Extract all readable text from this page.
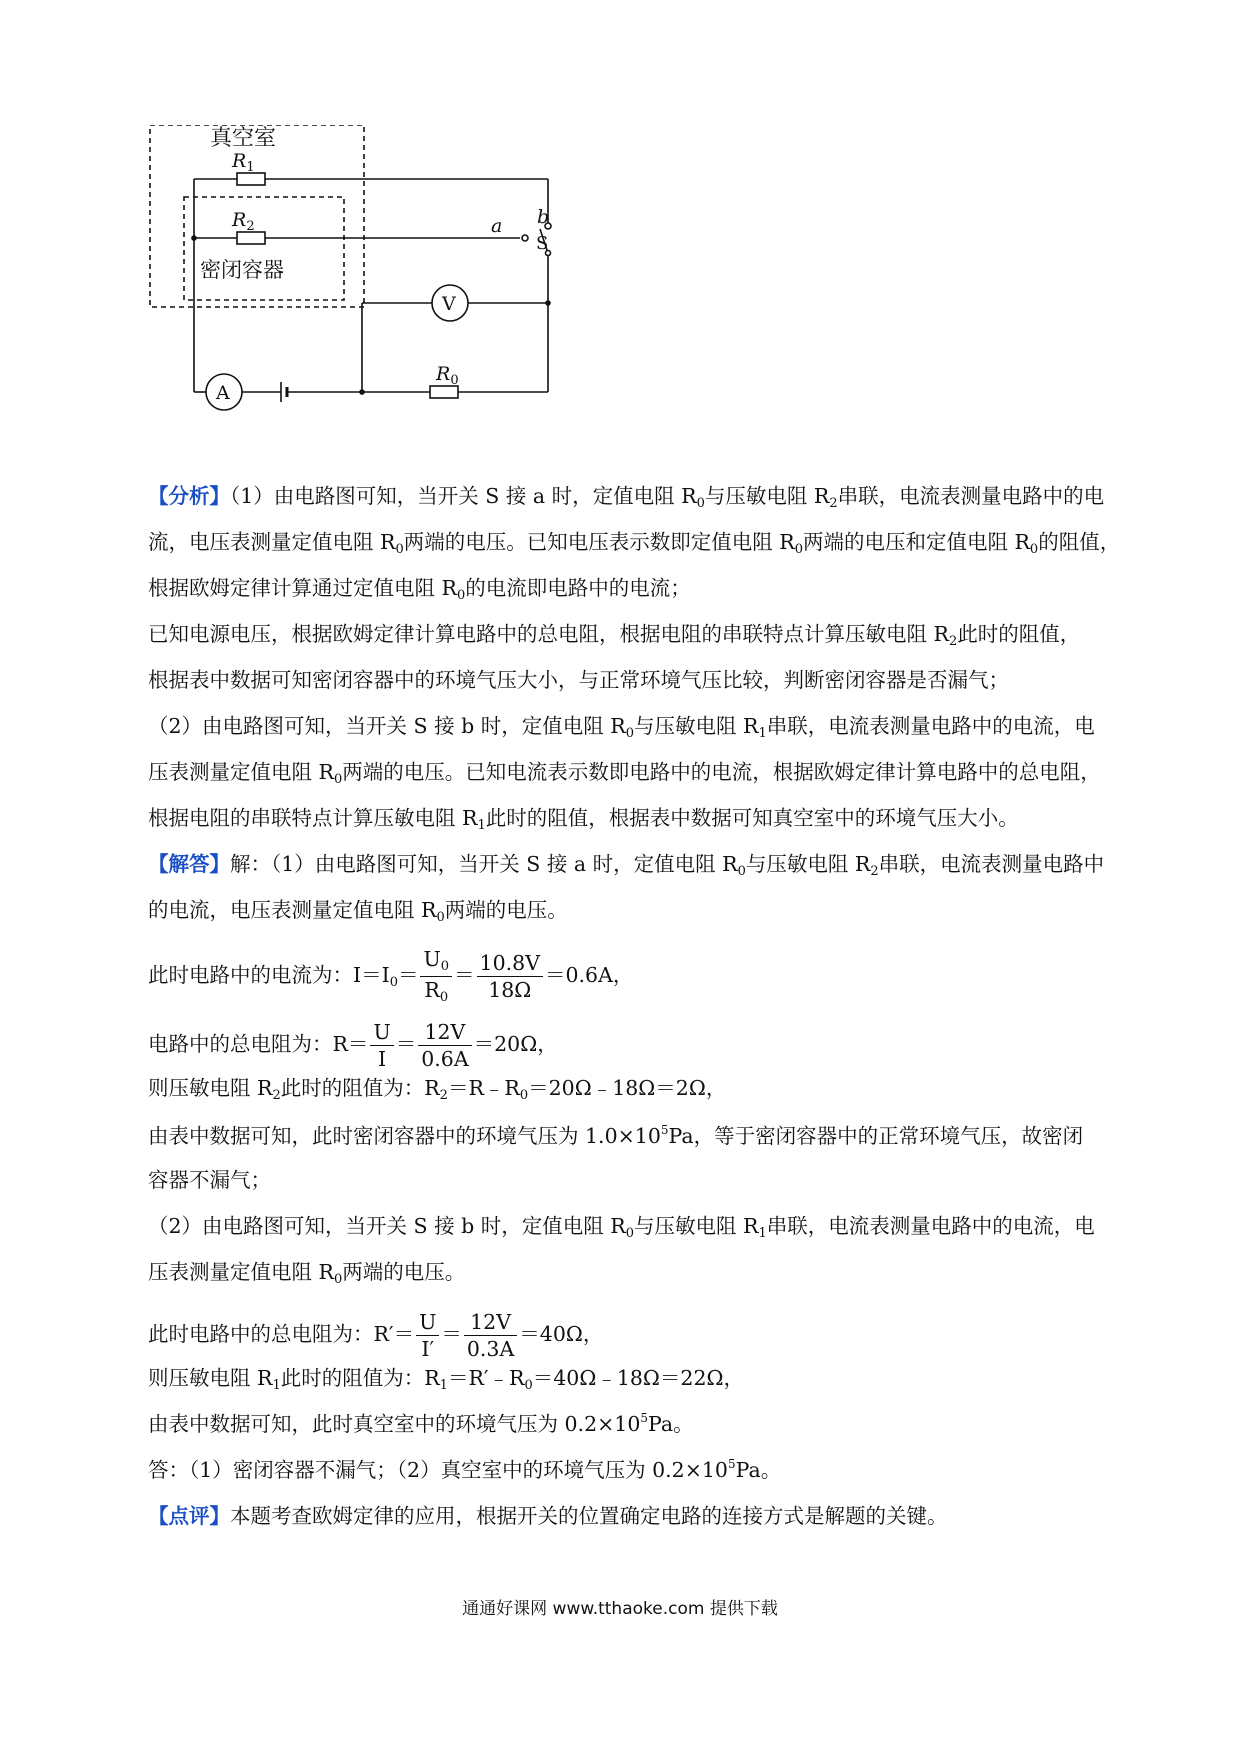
真空室
$R_1$
$R_2$
密闭容器
a b
S
V
A
$R_0$
【分析】（1）由电路图可知，当开关 S 接 a 时，定值电阻 R0与压敏电阻 R2串联，电流表测量电路中的电
流，电压表测量定值电阻 R0两端的电压。已知电压表示数即定值电阻 R0两端的电压和定值电阻 R0的阻值，
根据欧姆定律计算通过定值电阻 R0的电流即电路中的电流；
已知电源电压，根据欧姆定律计算电路中的总电阻，根据电阻的串联特点计算压敏电阻 R2此时的阻值，
根据表中数据可知密闭容器中的环境气压大小，与正常环境气压比较，判断密闭容器是否漏气；
（2）由电路图可知，当开关 S 接 b 时，定值电阻 R0与压敏电阻 R1串联，电流表测量电路中的电流，电
压表测量定值电阻 R0两端的电压。已知电流表示数即电路中的电流，根据欧姆定律计算电路中的总电阻，
根据电阻的串联特点计算压敏电阻 R1此时的阻值，根据表中数据可知真空室中的环境气压大小。
【解答】解：（1）由电路图可知，当开关 S 接 a 时，定值电阻 R0与压敏电阻 R2串联，电流表测量电路中
的电流，电压表测量定值电阻 R0两端的电压。
此时电路中的电流为：$I=I0= \frac{U0}{R0} = \frac{10.8V}{18\Omega} =0.6A$，
电路中的总电阻为：$R= \frac{U}{I} = \frac{12V}{0.6A} =20\Omega$，
则压敏电阻 R2此时的阻值为：R2＝R﹣R0＝20Ω﹣18Ω＝2Ω，
由表中数据可知，此时密闭容器中的环境气压为 $1.0\times 10^5Pa$，等于密闭容器中的正常环境气压，故密闭
容器不漏气；
（2）由电路图可知，当开关 S 接 b 时，定值电阻 R0与压敏电阻 R1串联，电流表测量电路中的电流，电
压表测量定值电阻 R0两端的电压。
此时电路中的总电阻为：$R'= \frac{U}{I'} = \frac{12V}{0.3A} =40\Omega$，
则压敏电阻 R1此时的阻值为：R1＝R′﹣R0＝40Ω﹣18Ω＝22Ω，
由表中数据可知，此时真空室中的环境气压为 $0.2\times 10^5Pa$。
答：（1）密闭容器不漏气；（2）真空室中的环境气压为 $0.2\times 10^5Pa$。
【点评】本题考查欧姆定律的应用，根据开关的位置确定电路的连接方式是解题的关键。
通通好课网 www.tthaoke.com 提供下载
